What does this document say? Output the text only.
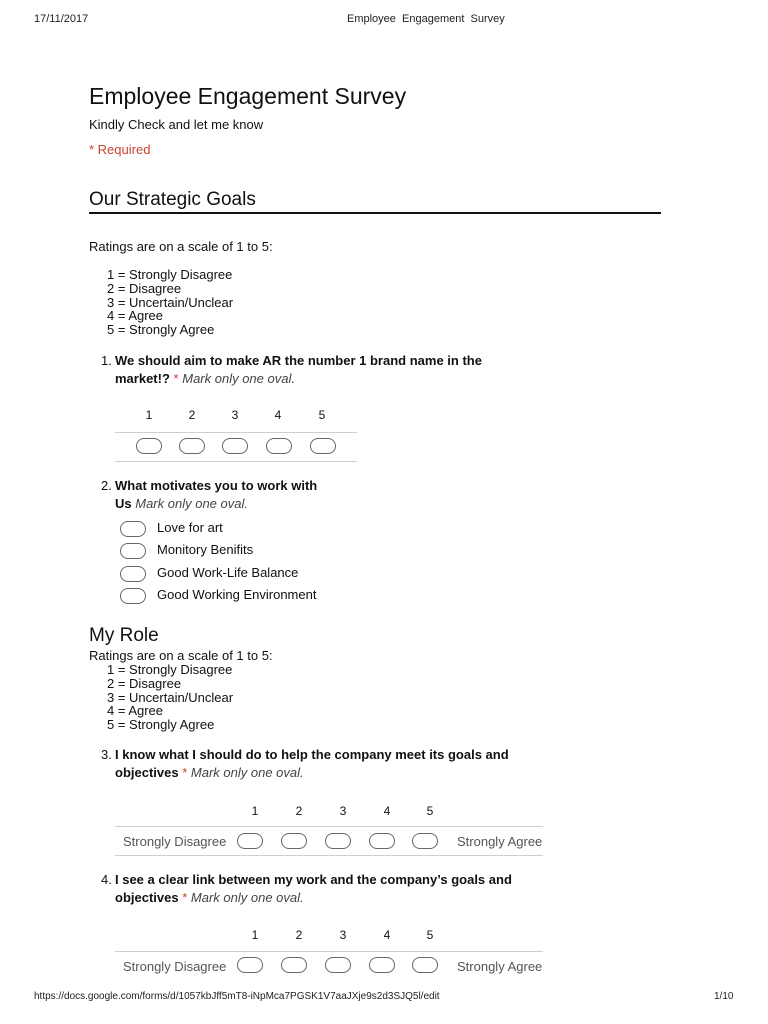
17/11/2017	Employee  Engagement  Survey
Employee Engagement Survey
Kindly Check and let me know
* Required
Our Strategic Goals
Ratings are on a scale of 1 to 5:
1 = Strongly Disagree
2 = Disagree
3 = Uncertain/Unclear
4 = Agree
5 = Strongly Agree
1. We should aim to make AR the number 1 brand name in the
market!? * Mark only one oval.
1	2	3	4	5
2. What motivates you to work with
Us Mark only one oval.
Love for art
Monitory Benifits
Good Work-Life Balance
Good Working Environment
My Role
Ratings are on a scale of 1 to 5:
1 = Strongly Disagree
2 = Disagree
3 = Uncertain/Unclear
4 = Agree
5 = Strongly Agree
3. I know what I should do to help the company meet its goals and
objectives * Mark only one oval.
1	2	3	4	5
Strongly Disagree	Strongly Agree
4. I see a clear link between my work and the company’s goals and
objectives * Mark only one oval.
1	2	3	4	5
Strongly Disagree	Strongly Agree
https://docs.google.com/forms/d/1057kbJff5mT8-iNpMca7PGSK1V7aaJXje9s2d3SJQ5l/edit	1/10
